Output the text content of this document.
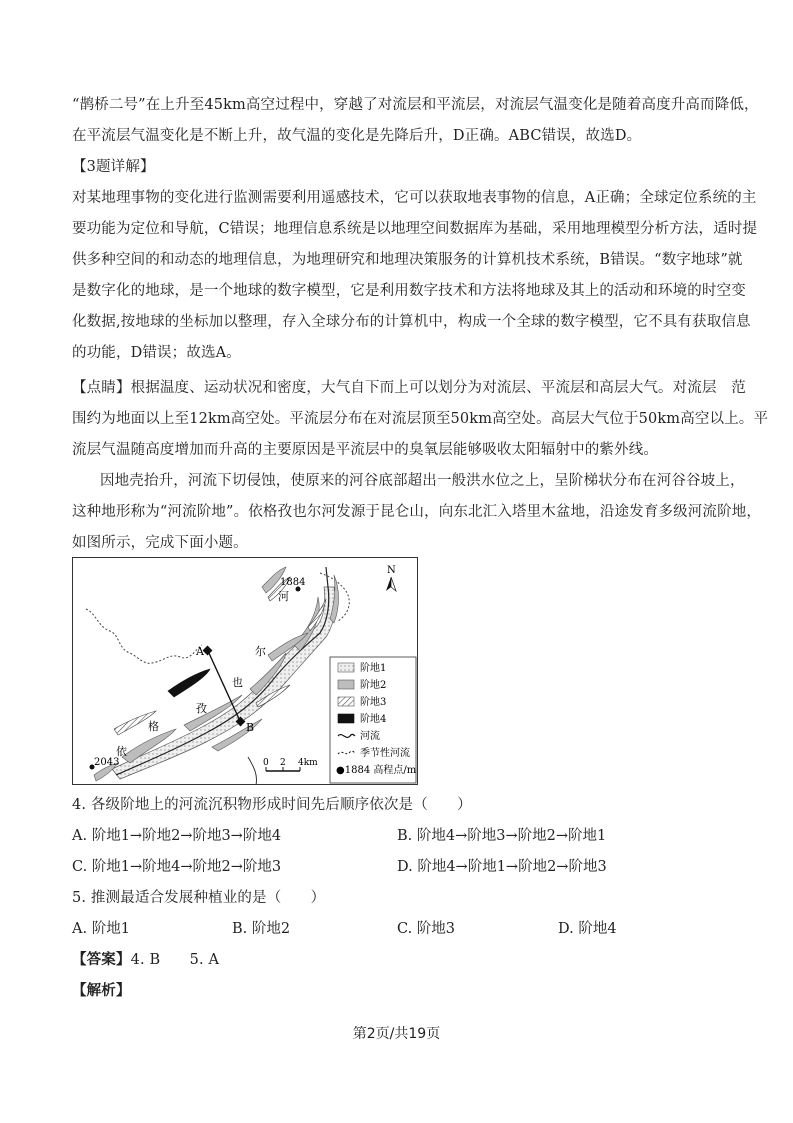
“鹊桥二号”在上升至45km高空过程中，穿越了对流层和平流层，对流层气温变化是随着高度升高而降低，
在平流层气温变化是不断上升，故气温的变化是先降后升，D正确。ABC错误，故选D。
【3题详解】
对某地理事物的变化进行监测需要利用遥感技术，它可以获取地表事物的信息，A正确；全球定位系统的主
要功能为定位和导航，C错误；地理信息系统是以地理空间数据库为基础，采用地理模型分析方法，适时提
供多种空间的和动态的地理信息，为地理研究和地理决策服务的计算机技术系统，B错误。“数字地球”就
是数字化的地球，是一个地球的数字模型，它是利用数字技术和方法将地球及其上的活动和环境的时空变
化数据,按地球的坐标加以整理，存入全球分布的计算机中，构成一个全球的数字模型，它不具有获取信息
的功能，D错误；故选A。
【点睛】根据温度、运动状况和密度，大气自下而上可以划分为对流层、平流层和高层大气。对流层　范
围约为地面以上至12km高空处。平流层分布在对流层顶至50km高空处。高层大气位于50km高空以上。平
流层气温随高度增加而升高的主要原因是平流层中的臭氧层能够吸收太阳辐射中的紫外线。
因地壳抬升，河流下切侵蚀，使原来的河谷底部超出一般洪水位之上，呈阶梯状分布在河谷谷坡上，
这种地形称为“河流阶地”。依格孜也尔河发源于昆仑山，向东北汇入塔里木盆地，沿途发育多级河流阶地，
如图所示，完成下面小题。
A
B
河
尔
也
孜
格
依
1884
2043
N
0 2 4km
阶地1
阶地2
阶地3
阶地4
河流
季节性河流
●1884 高程点/m
4. 各级阶地上的河流沉积物形成时间先后顺序依次是（　　）
A. 阶地1→阶地2→阶地3→阶地4	B. 阶地4→阶地3→阶地2→阶地1
C. 阶地1→阶地4→阶地2→阶地3	D. 阶地4→阶地1→阶地2→阶地3
5. 推测最适合发展种植业的是（　　）
A. 阶地1	B. 阶地2	C. 阶地3	D. 阶地4
【答案】4. B　　5. A
【解析】
第2页/共19页
